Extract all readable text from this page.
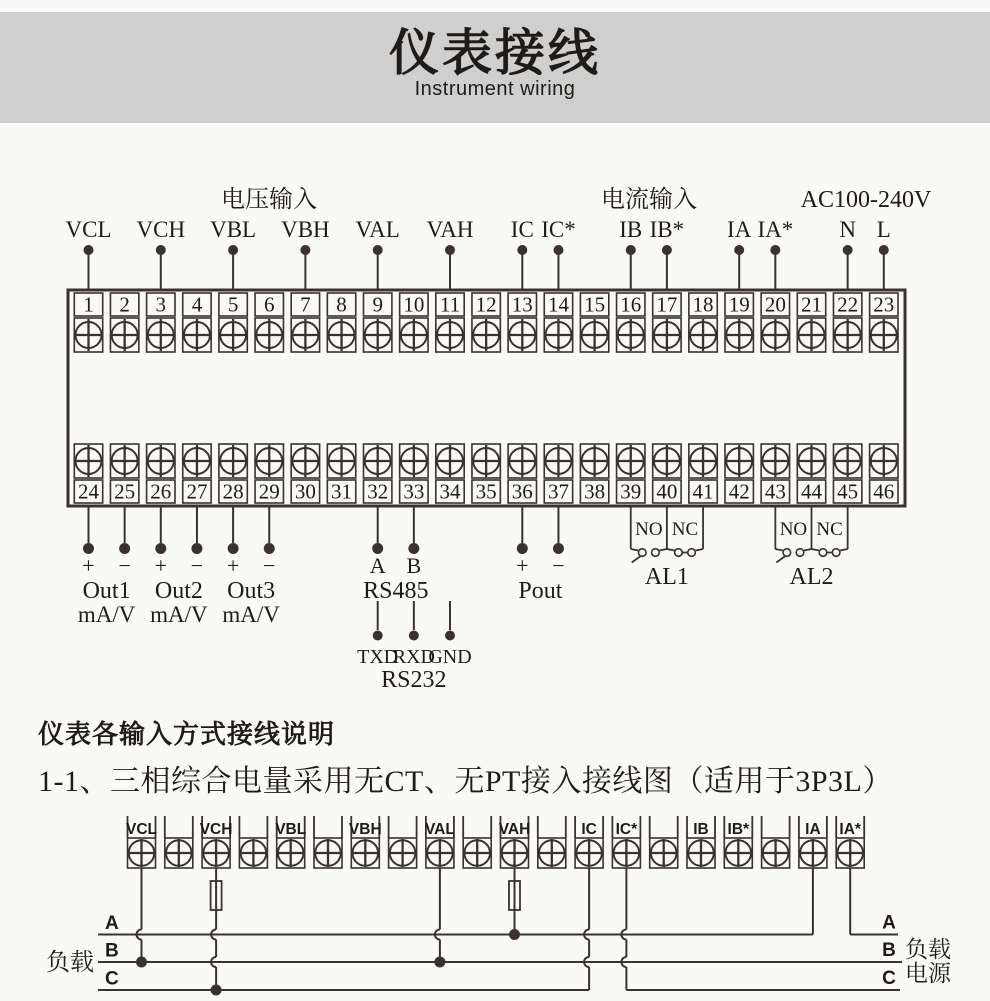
仪表接线
Instrument wiring
电压输入	电流输入	AC100-240V
VCL VCH VBL VBH VAL VAH IC IC* IB IB* IA IA* N L
1
24
2
25
3
26
4
27
5
28
6
29
7
30
8
31
9
32
10
33
11
34
12
35
13
36
14
37
15
38
16
39
17
40
18
41
19
42
20
43
21
44
22
45
23
46
+ − + − + −	A B	+ −
Out1
mA/V
Out2
mA/V
Out3
mA/V
RS485	Pout
NO NC
AL1
NO NC
AL2
TXD
RXD
GND
RS232
A
B
C
A
B
C
负载
负载
电源
VCL	VCH	VBL	VBH	VAL	VAH	IC IC*	IB IB*	IA IA*
仪表各输入方式接线说明
1-1、三相综合电量采用无CT、无PT接入接线图（适用于3P3L）
